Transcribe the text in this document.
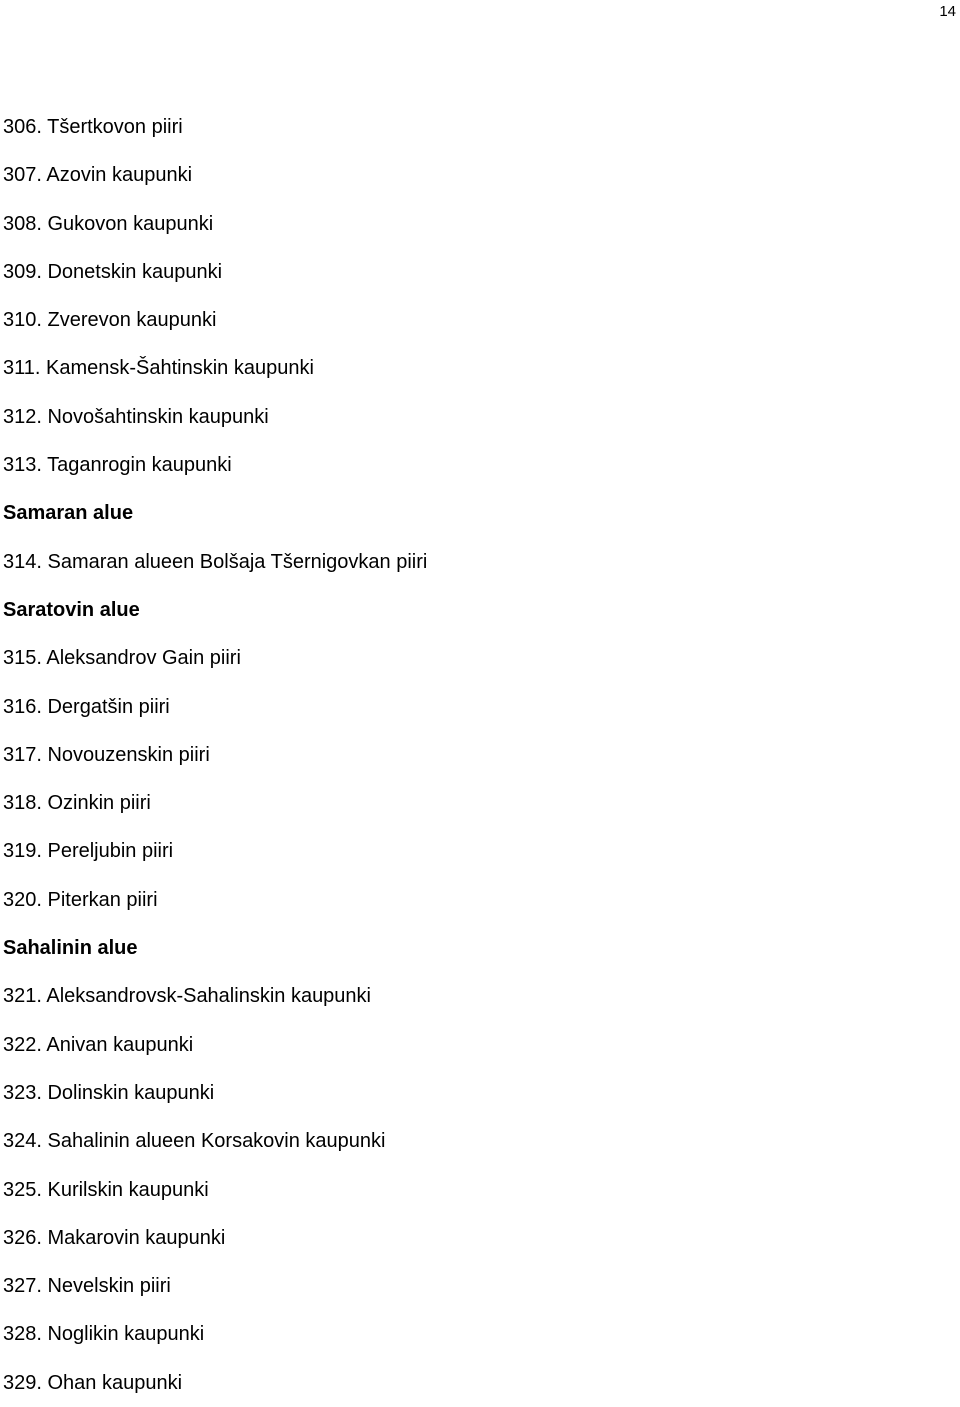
14
306. Tšertkovon piiri
307. Azovin kaupunki
308. Gukovon kaupunki
309. Donetskin kaupunki
310. Zverevon kaupunki
311. Kamensk-Šahtinskin kaupunki
312. Novošahtinskin kaupunki
313. Taganrogin kaupunki
Samaran alue
314. Samaran alueen Bolšaja Tšernigovkan piiri
Saratovin alue
315. Aleksandrov Gain piiri
316. Dergatšin piiri
317. Novouzenskin piiri
318. Ozinkin piiri
319. Pereljubin piiri
320. Piterkan piiri
Sahalinin alue
321. Aleksandrovsk-Sahalinskin kaupunki
322. Anivan kaupunki
323. Dolinskin kaupunki
324. Sahalinin alueen Korsakovin kaupunki
325. Kurilskin kaupunki
326. Makarovin kaupunki
327. Nevelskin piiri
328. Noglikin kaupunki
329. Ohan kaupunki
